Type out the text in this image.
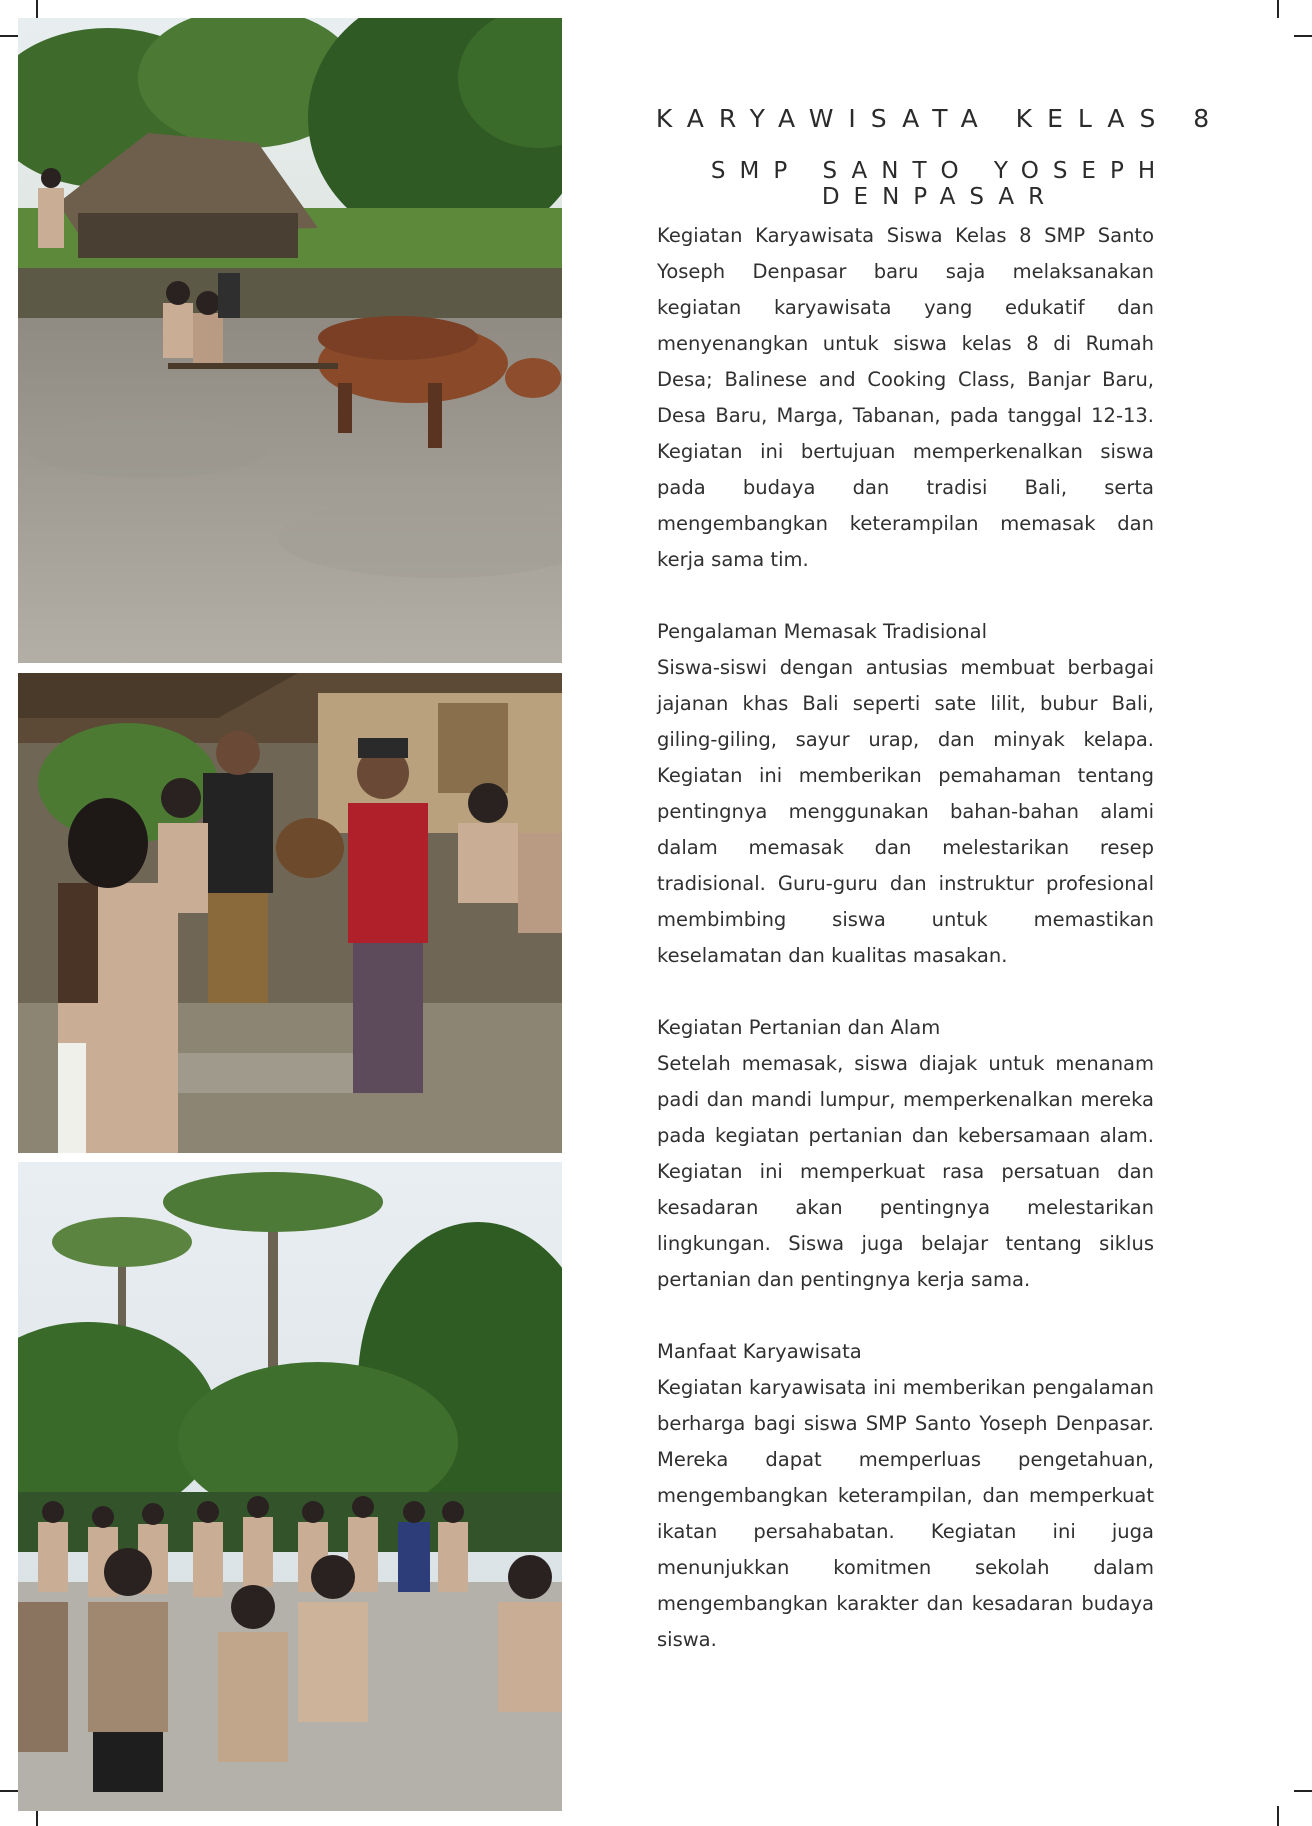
KARYAWISATA KELAS 8
SMP SANTO YOSEPH DENPASAR

Kegiatan Karyawisata Siswa Kelas 8 SMP Santo Yoseph Denpasar baru saja melaksanakan kegiatan karyawisata yang edukatif dan menyenangkan untuk siswa kelas 8 di Rumah Desa; Balinese and Cooking Class, Banjar Baru, Desa Baru, Marga, Tabanan, pada tanggal 12-13. Kegiatan ini bertujuan memperkenalkan siswa pada budaya dan tradisi Bali, serta mengembangkan keterampilan memasak dan kerja sama tim.

Pengalaman Memasak Tradisional

Siswa-siswi dengan antusias membuat berbagai jajanan khas Bali seperti sate lilit, bubur Bali, giling-giling, sayur urap, dan minyak kelapa. Kegiatan ini memberikan pemahaman tentang pentingnya menggunakan bahan-bahan alami dalam memasak dan melestarikan resep tradisional. Guru-guru dan instruktur profesional membimbing siswa untuk memastikan keselamatan dan kualitas masakan.

Kegiatan Pertanian dan Alam

Setelah memasak, siswa diajak untuk menanam padi dan mandi lumpur, memperkenalkan mereka pada kegiatan pertanian dan kebersamaan alam. Kegiatan ini memperkuat rasa persatuan dan kesadaran akan pentingnya melestarikan lingkungan. Siswa juga belajar tentang siklus pertanian dan pentingnya kerja sama.

Manfaat Karyawisata

Kegiatan karyawisata ini memberikan pengalaman berharga bagi siswa SMP Santo Yoseph Denpasar. Mereka dapat memperluas pengetahuan, mengembangkan keterampilan, dan memperkuat ikatan persahabatan. Kegiatan ini juga menunjukkan komitmen sekolah dalam mengembangkan karakter dan kesadaran budaya siswa.
